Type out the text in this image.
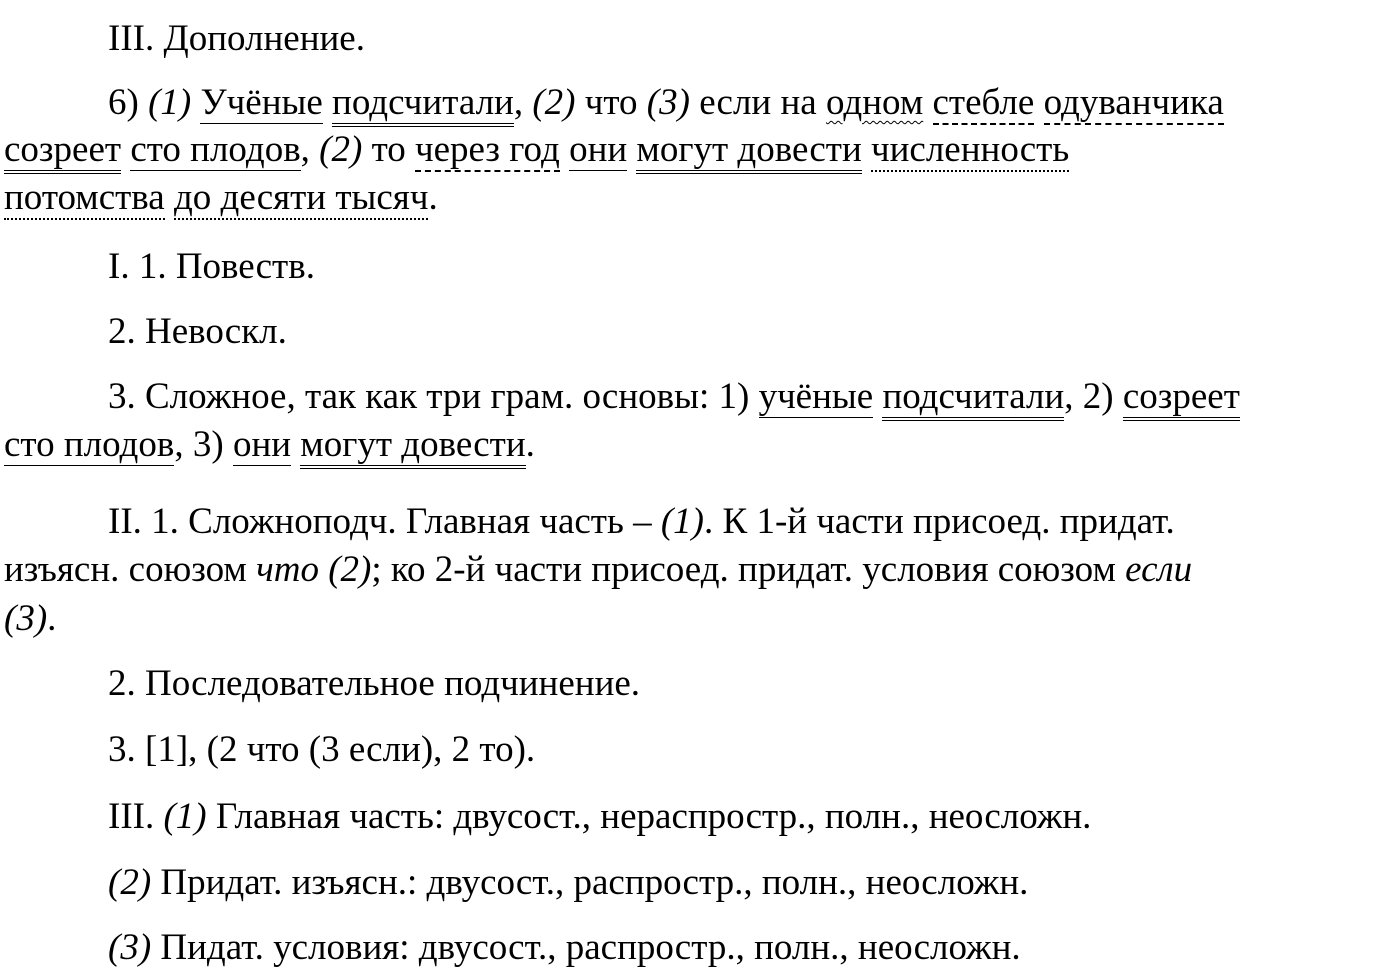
III. Дополнение.
6) (1) Учёные подсчитали, (2) что (3) если на одном стебле одуванчика
созреет сто плодов, (2) то через год они могут довести численность
потомства до десяти тысяч.
I. 1. Повеств.
2. Невоскл.
3. Сложное, так как три грам. основы: 1) учёные подсчитали, 2) созреет
сто плодов, 3) они могут довести.
II. 1. Сложноподч. Главная часть – (1). К 1-й части присоед. придат.
изъясн. союзом что (2); ко 2-й части присоед. придат. условия союзом если
(3).
2. Последовательное подчинение.
3. [1], (2 что (3 если), 2 то).
III. (1) Главная часть: двусост., нераспростр., полн., неосложн.
(2) Придат. изъясн.: двусост., распростр., полн., неосложн.
(3) Пидат. условия: двусост., распростр., полн., неосложн.
